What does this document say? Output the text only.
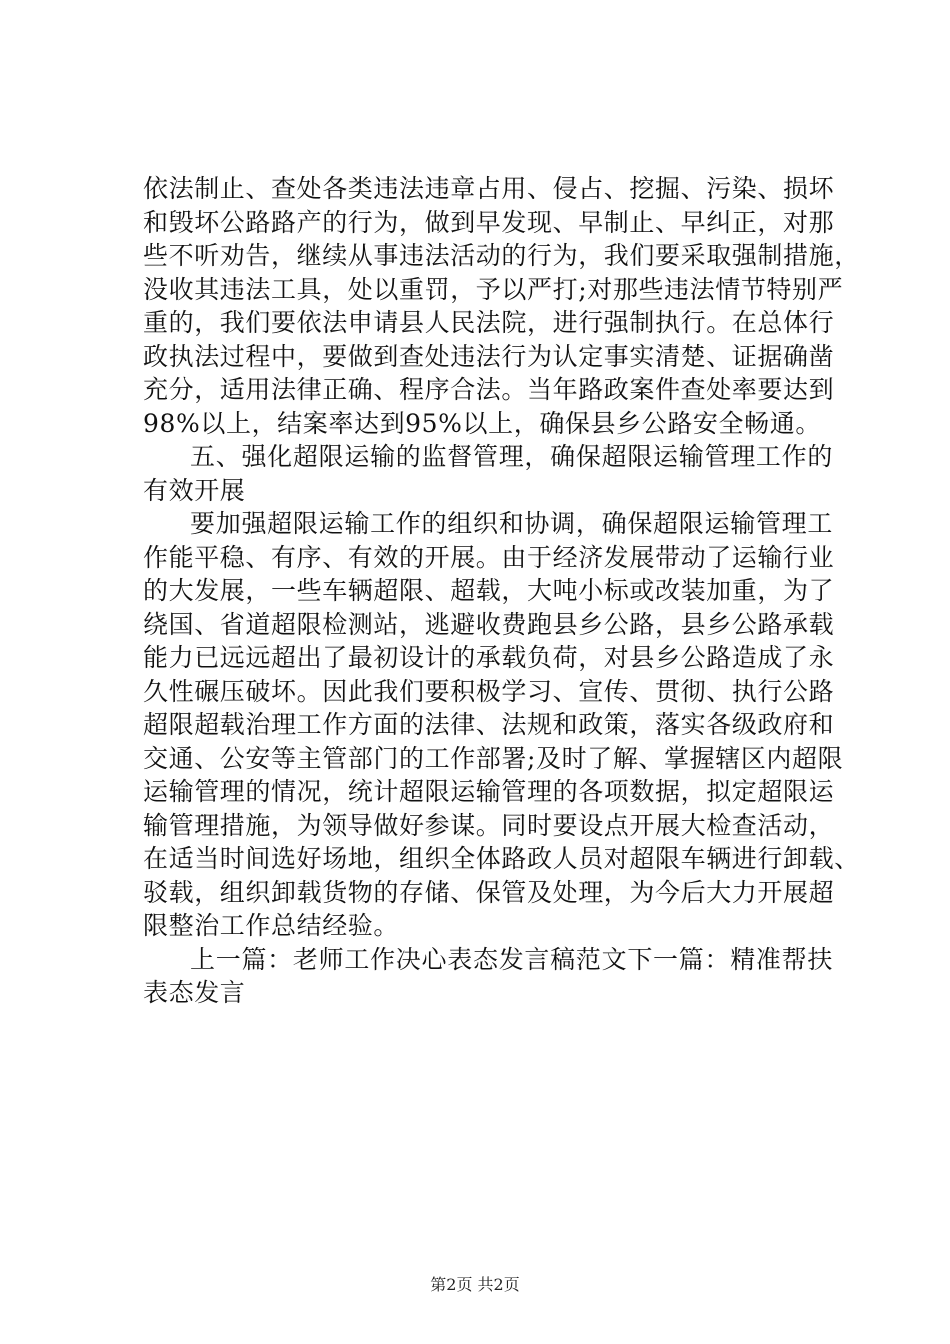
依法制止、查处各类违法违章占用、侵占、挖掘、污染、损坏
和毁坏公路路产的行为，做到早发现、早制止、早纠正，对那
些不听劝告，继续从事违法活动的行为，我们要采取强制措施，
没收其违法工具，处以重罚，予以严打;对那些违法情节特别严
重的，我们要依法申请县人民法院，进行强制执行。在总体行
政执法过程中，要做到查处违法行为认定事实清楚、证据确凿
充分，适用法律正确、程序合法。当年路政案件查处率要达到
98%以上，结案率达到95%以上，确保县乡公路安全畅通。
五、强化超限运输的监督管理，确保超限运输管理工作的
有效开展
要加强超限运输工作的组织和协调，确保超限运输管理工
作能平稳、有序、有效的开展。由于经济发展带动了运输行业
的大发展，一些车辆超限、超载，大吨小标或改装加重，为了
绕国、省道超限检测站，逃避收费跑县乡公路，县乡公路承载
能力已远远超出了最初设计的承载负荷，对县乡公路造成了永
久性碾压破坏。因此我们要积极学习、宣传、贯彻、执行公路
超限超载治理工作方面的法律、法规和政策，落实各级政府和
交通、公安等主管部门的工作部署;及时了解、掌握辖区内超限
运输管理的情况，统计超限运输管理的各项数据，拟定超限运
输管理措施，为领导做好参谋。同时要设点开展大检查活动，
在适当时间选好场地，组织全体路政人员对超限车辆进行卸载、
驳载，组织卸载货物的存储、保管及处理，为今后大力开展超
限整治工作总结经验。
上一篇：老师工作决心表态发言稿范文下一篇：精准帮扶
表态发言
第2页 共2页
